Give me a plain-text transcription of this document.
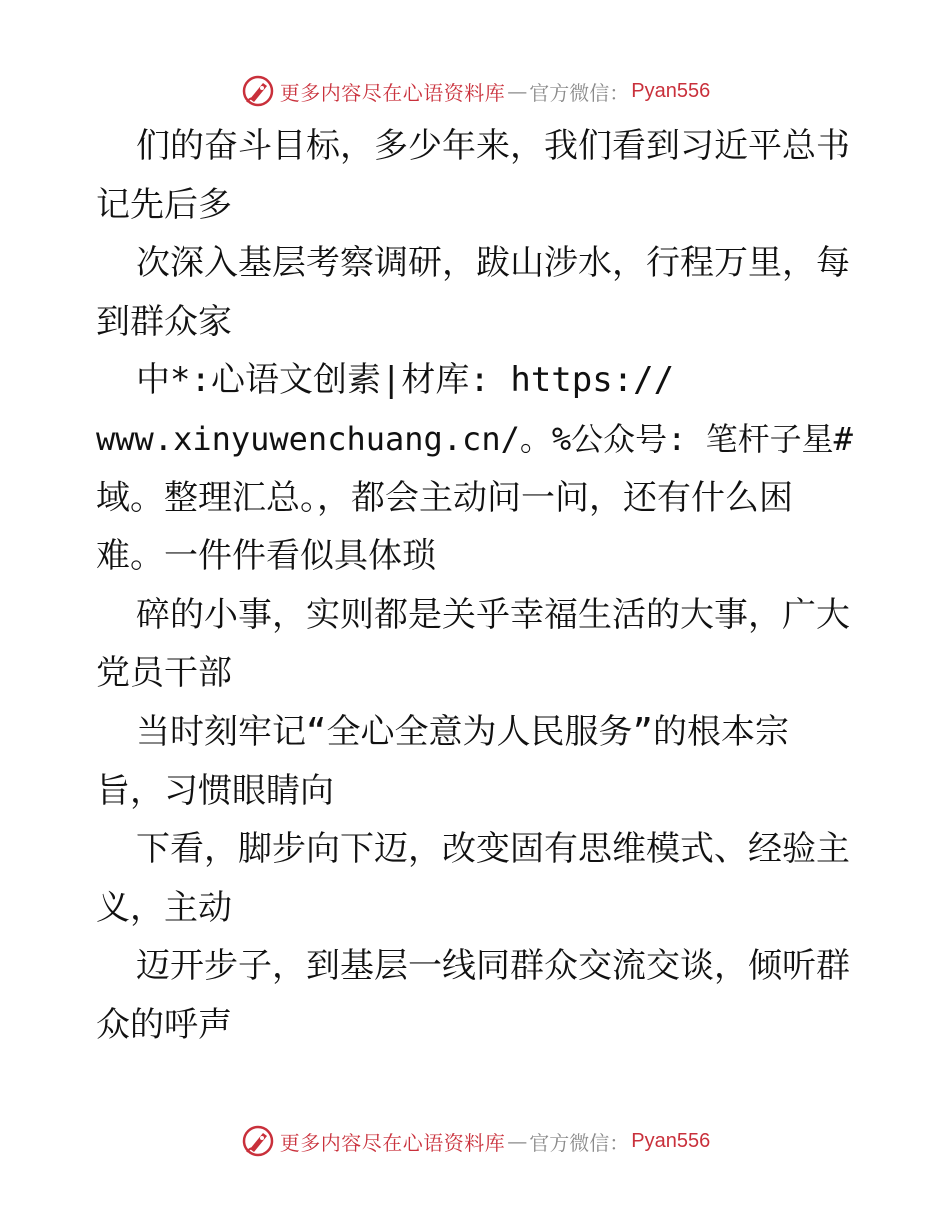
更多内容尽在心语资料库 — 官方微信： Pyan556
们的奋斗目标，多少年来，我们看到习近平总书
记先后多
次深入基层考察调研，跋山涉水，行程万里，每
到群众家
中*:心语文创素|材库: https://
www.xinyuwenchuang.cn/。%公众号: 笔杆子星#
域。整理汇总。，都会主动问一问，还有什么困
难。一件件看似具体琐
碎的小事，实则都是关乎幸福生活的大事，广大
党员干部
当时刻牢记“全心全意为人民服务”的根本宗
旨，习惯眼睛向
下看，脚步向下迈，改变固有思维模式、经验主
义，主动
迈开步子，到基层一线同群众交流交谈，倾听群
众的呼声
更多内容尽在心语资料库 — 官方微信： Pyan556
